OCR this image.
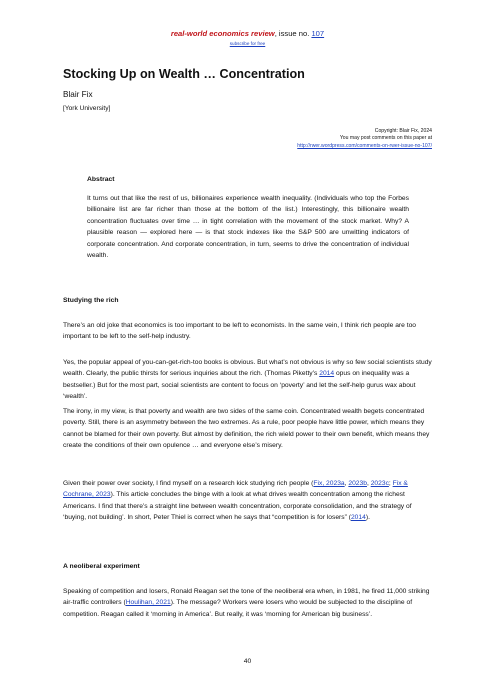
real-world economics review, issue no. 107
subscribe for free
Stocking Up on Wealth … Concentration
Blair Fix
[York University]
Copyright: Blair Fix, 2024
You may post comments on this paper at
http://rwer.wordpress.com/comments-on-rwer-issue-no-107/
Abstract

It turns out that like the rest of us, billionaires experience wealth inequality. (Individuals who top the Forbes billionaire list are far richer than those at the bottom of the list.) Interestingly, this billionaire wealth concentration fluctuates over time … in tight correlation with the movement of the stock market. Why? A plausible reason — explored here — is that stock indexes like the S&P 500 are unwitting indicators of corporate concentration. And corporate concentration, in turn, seems to drive the concentration of individual wealth.

Studying the rich

There’s an old joke that economics is too important to be left to economists. In the same vein, I think rich people are too important to be left to the self-help industry.

Yes, the popular appeal of you-can-get-rich-too books is obvious. But what’s not obvious is why so few social scientists study wealth. Clearly, the public thirsts for serious inquiries about the rich. (Thomas Piketty’s 2014 opus on inequality was a bestseller.) But for the most part, social scientists are content to focus on ‘poverty’ and let the self-help gurus wax about ‘wealth’.

The irony, in my view, is that poverty and wealth are two sides of the same coin. Concentrated wealth begets concentrated poverty. Still, there is an asymmetry between the two extremes. As a rule, poor people have little power, which means they cannot be blamed for their own poverty. But almost by definition, the rich wield power to their own benefit, which means they create the conditions of their own opulence … and everyone else’s misery.

Given their power over society, I find myself on a research kick studying rich people (Fix, 2023a, 2023b, 2023c; Fix & Cochrane, 2023). This article concludes the binge with a look at what drives wealth concentration among the richest Americans. I find that there’s a straight line between wealth concentration, corporate consolidation, and the strategy of ‘buying, not building’. In short, Peter Thiel is correct when he says that “competition is for losers” (2014).

A neoliberal experiment

Speaking of competition and losers, Ronald Reagan set the tone of the neoliberal era when, in 1981, he fired 11,000 striking air-traffic controllers (Houlihan, 2021). The message? Workers were losers who would be subjected to the discipline of competition. Reagan called it ‘morning in America’. But really, it was ‘morning for American big business’.

40
